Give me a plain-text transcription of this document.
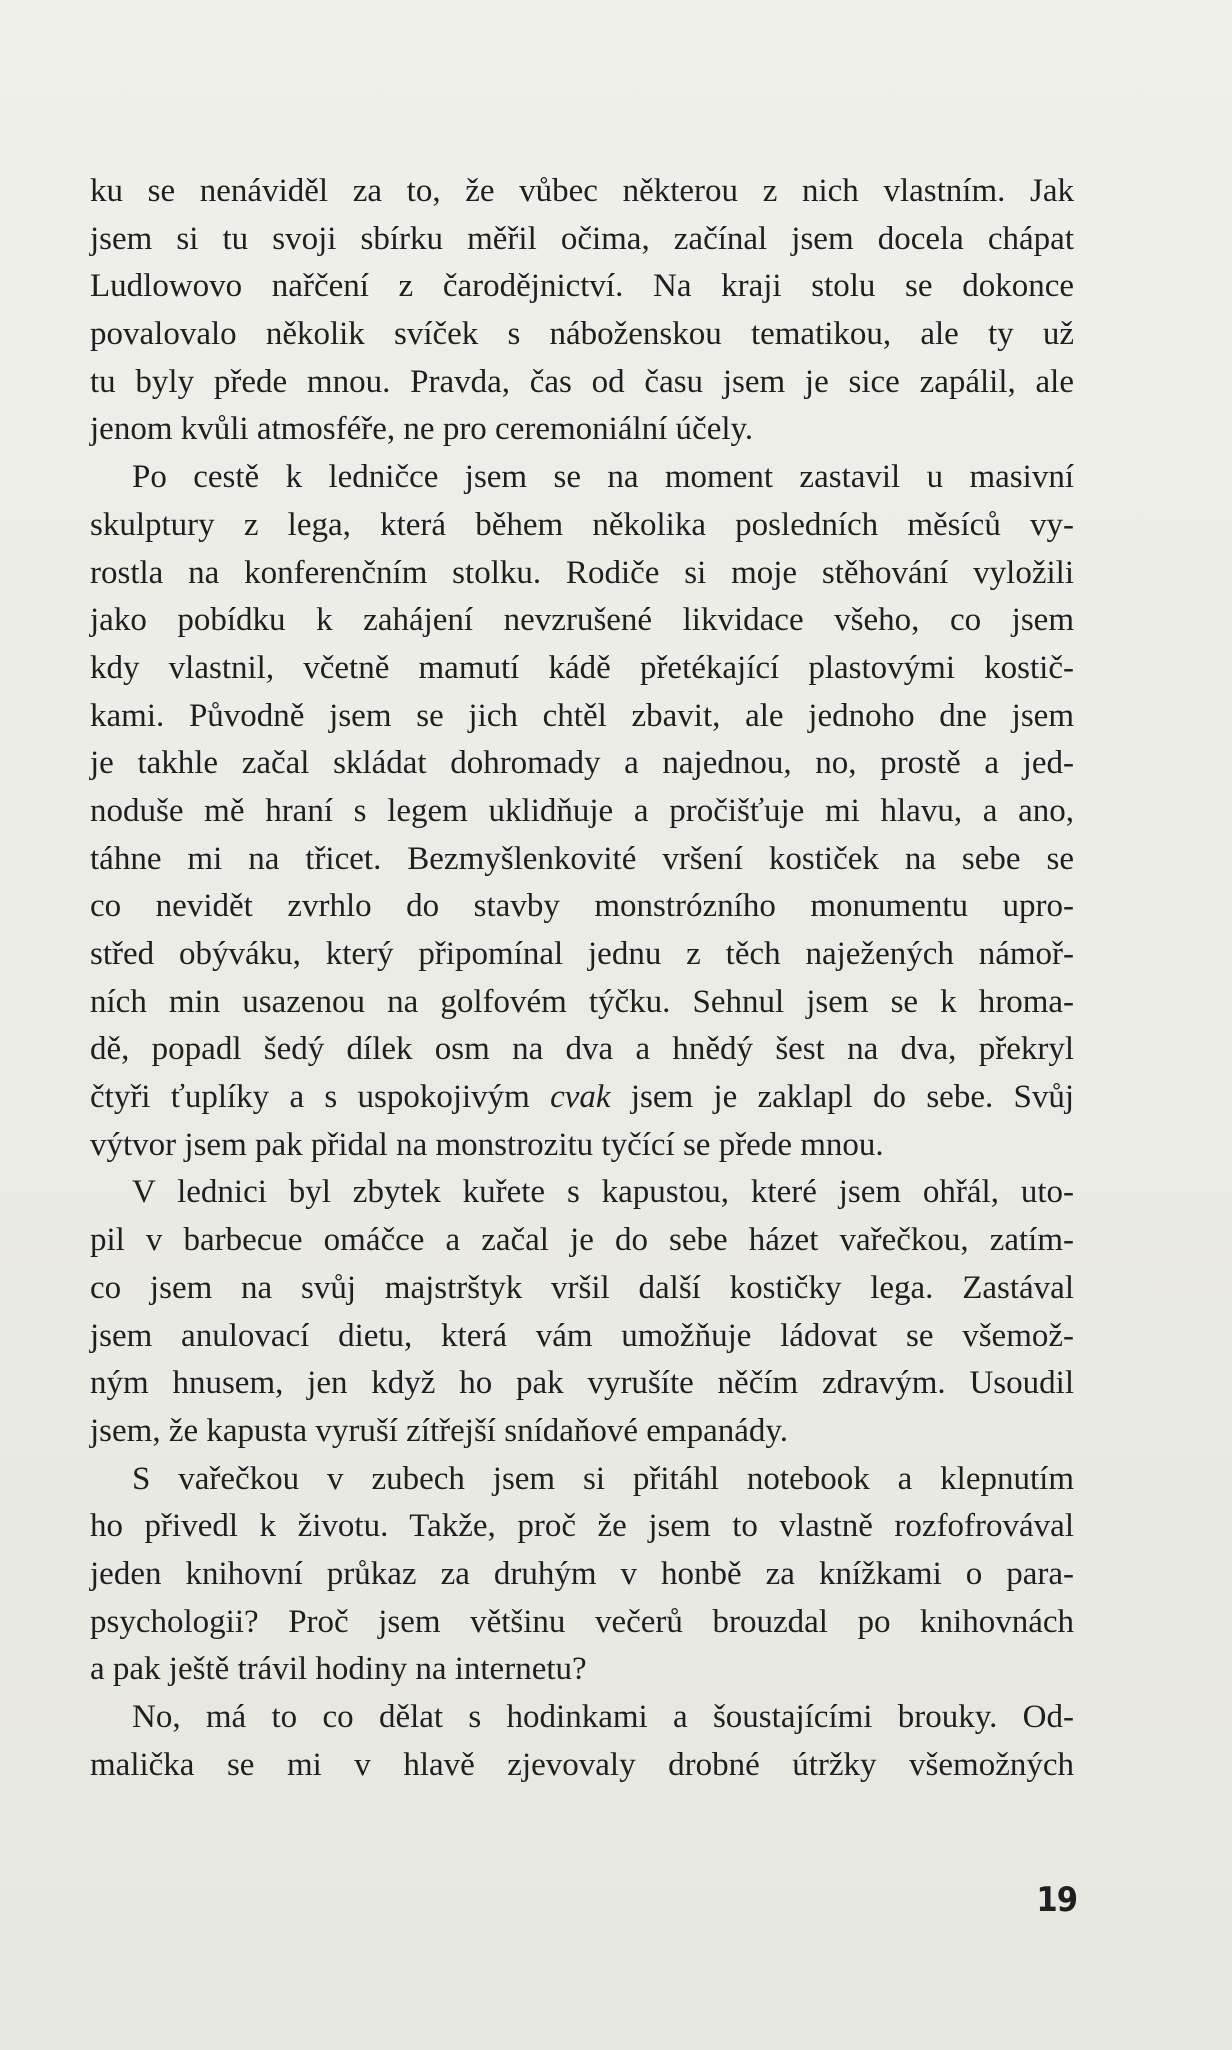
ku se nenáviděl za to, že vůbec některou z nich vlastním. Jak
jsem si tu svoji sbírku měřil očima, začínal jsem docela chápat
Ludlowovo nařčení z čarodějnictví. Na kraji stolu se dokonce
povalovalo několik svíček s náboženskou tematikou, ale ty už
tu byly přede mnou. Pravda, čas od času jsem je sice zapálil, ale
jenom kvůli atmosféře, ne pro ceremoniální účely.
Po cestě k ledničce jsem se na moment zastavil u masivní
skulptury z lega, která během několika posledních měsíců vy-
rostla na konferenčním stolku. Rodiče si moje stěhování vyložili
jako pobídku k zahájení nevzrušené likvidace všeho, co jsem
kdy vlastnil, včetně mamutí kádě přetékající plastovými kostič-
kami. Původně jsem se jich chtěl zbavit, ale jednoho dne jsem
je takhle začal skládat dohromady a najednou, no, prostě a jed-
noduše mě hraní s legem uklidňuje a pročišťuje mi hlavu, a ano,
táhne mi na třicet. Bezmyšlenkovité vršení kostiček na sebe se
co nevidět zvrhlo do stavby monstrózního monumentu upro-
střed obýváku, který připomínal jednu z těch naježených námoř-
ních min usazenou na golfovém týčku. Sehnul jsem se k hroma-
dě, popadl šedý dílek osm na dva a hnědý šest na dva, překryl
čtyři ťuplíky a s uspokojivým cvak jsem je zaklapl do sebe. Svůj
výtvor jsem pak přidal na monstrozitu tyčící se přede mnou.
V lednici byl zbytek kuřete s kapustou, které jsem ohřál, uto-
pil v barbecue omáčce a začal je do sebe házet vařečkou, zatím-
co jsem na svůj majstrštyk vršil další kostičky lega. Zastával
jsem anulovací dietu, která vám umožňuje ládovat se všemož-
ným hnusem, jen když ho pak vyrušíte něčím zdravým. Usoudil
jsem, že kapusta vyruší zítřejší snídaňové empanády.
S vařečkou v zubech jsem si přitáhl notebook a klepnutím
ho přivedl k životu. Takže, proč že jsem to vlastně rozfofrovával
jeden knihovní průkaz za druhým v honbě za knížkami o para-
psychologii? Proč jsem většinu večerů brouzdal po knihovnách
a pak ještě trávil hodiny na internetu?
No, má to co dělat s hodinkami a šoustajícími brouky. Od-
malička se mi v hlavě zjevovaly drobné útržky všemožných
19
